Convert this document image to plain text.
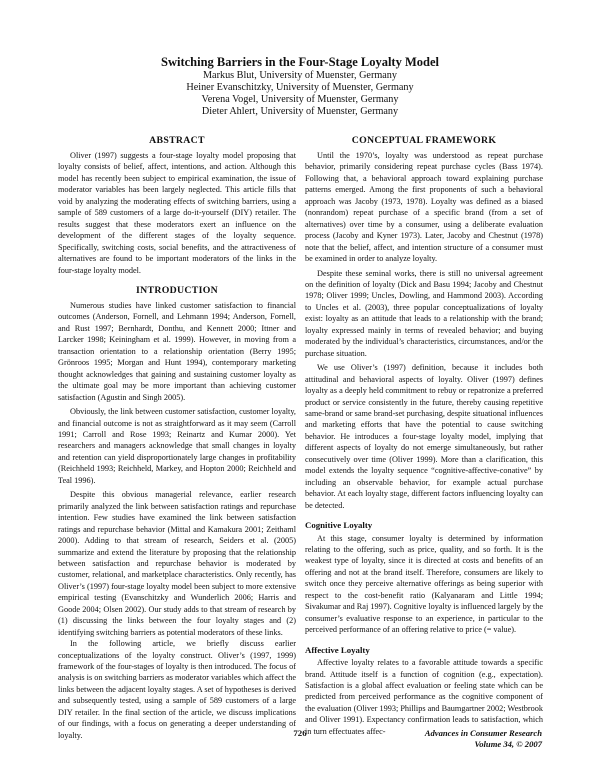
Switching Barriers in the Four-Stage Loyalty Model
Markus Blut, University of Muenster, Germany
Heiner Evanschitzky, University of Muenster, Germany
Verena Vogel, University of Muenster, Germany
Dieter Ahlert, University of Muenster, Germany
ABSTRACT

Oliver (1997) suggests a four-stage loyalty model proposing that loyalty consists of belief, affect, intentions, and action. Although this model has recently been subject to empirical examination, the issue of moderator variables has been largely neglected. This article fills that void by analyzing the moderating effects of switching barriers, using a sample of 589 customers of a large do-it-yourself (DIY) retailer. The results suggest that these moderators exert an influence on the development of the different stages of the loyalty sequence. Specifically, switching costs, social benefits, and the attractiveness of alternatives are found to be important moderators of the links in the four-stage loyalty model.

INTRODUCTION

Numerous studies have linked customer satisfaction to financial outcomes (Anderson, Fornell, and Lehmann 1994; Anderson, Fornell, and Rust 1997; Bernhardt, Donthu, and Kennett 2000; Ittner and Larcker 1998; Keiningham et al. 1999). However, in moving from a transaction orientation to a relationship orientation (Berry 1995; Grönroos 1995; Morgan and Hunt 1994), contemporary marketing thought acknowledges that gaining and sustaining customer loyalty as the ultimate goal may be more important than achieving customer satisfaction (Agustin and Singh 2005).

Obviously, the link between customer satisfaction, customer loyalty, and financial outcome is not as straightforward as it may seem (Carroll 1991; Carroll and Rose 1993; Reinartz and Kumar 2000). Yet researchers and managers acknowledge that small changes in loyalty and retention can yield disproportionately large changes in profitability (Reichheld 1993; Reichheld, Markey, and Hopton 2000; Reichheld and Teal 1996).

Despite this obvious managerial relevance, earlier research primarily analyzed the link between satisfaction ratings and repurchase intention. Few studies have examined the link between satisfaction ratings and repurchase behavior (Mittal and Kamakura 2001; Zeithaml 2000). Adding to that stream of research, Seiders et al. (2005) summarize and extend the literature by proposing that the relationship between satisfaction and repurchase behavior is moderated by customer, relational, and marketplace characteristics. Only recently, has Oliver’s (1997) four-stage loyalty model been subject to more extensive empirical testing (Evanschitzky and Wunderlich 2006; Harris and Goode 2004; Olsen 2002). Our study adds to that stream of research by (1) discussing the links between the four loyalty stages and (2) identifying switching barriers as potential moderators of these links.

In the following article, we briefly discuss earlier conceptualizations of the loyalty construct. Oliver’s (1997, 1999) framework of the four-stages of loyalty is then introduced. The focus of analysis is on switching barriers as moderator variables which affect the links between the adjacent loyalty stages. A set of hypotheses is derived and subsequently tested, using a sample of 589 customers of a large DIY retailer. In the final section of the article, we discuss implications of our findings, with a focus on generating a deeper understanding of loyalty.

CONCEPTUAL FRAMEWORK

Until the 1970’s, loyalty was understood as repeat purchase behavior, primarily considering repeat purchase cycles (Bass 1974). Following that, a behavioral approach toward explaining purchase patterns emerged. Among the first proponents of such a behavioral approach was Jacoby (1973, 1978). Loyalty was defined as a biased (nonrandom) repeat purchase of a specific brand (from a set of alternatives) over time by a consumer, using a deliberate evaluation process (Jacoby and Kyner 1973). Later, Jacoby and Chestnut (1978) note that the belief, affect, and intention structure of a consumer must be examined in order to analyze loyalty.

Despite these seminal works, there is still no universal agreement on the definition of loyalty (Dick and Basu 1994; Jacoby and Chestnut 1978; Oliver 1999; Uncles, Dowling, and Hammond 2003). According to Uncles et al. (2003), three popular conceptualizations of loyalty exist: loyalty as an attitude that leads to a relationship with the brand; loyalty expressed mainly in terms of revealed behavior; and buying moderated by the individual’s characteristics, circumstances, and/or the purchase situation.

We use Oliver’s (1997) definition, because it includes both attitudinal and behavioral aspects of loyalty. Oliver (1997) defines loyalty as a deeply held commitment to rebuy or repatronize a preferred product or service consistently in the future, thereby causing repetitive same-brand or same brand-set purchasing, despite situational influences and marketing efforts that have the potential to cause switching behavior. He introduces a four-stage loyalty model, implying that different aspects of loyalty do not emerge simultaneously, but rather consecutively over time (Oliver 1999). More than a clarification, this model extends the loyalty sequence “cognitive-affective-conative” by including an observable behavior, for example actual purchase behavior. At each loyalty stage, different factors influencing loyalty can be detected.

Cognitive Loyalty

At this stage, consumer loyalty is determined by information relating to the offering, such as price, quality, and so forth. It is the weakest type of loyalty, since it is directed at costs and benefits of an offering and not at the brand itself. Therefore, consumers are likely to switch once they perceive alternative offerings as being superior with respect to the cost-benefit ratio (Kalyanaram and Little 1994; Sivakumar and Raj 1997). Cognitive loyalty is influenced largely by the consumer’s evaluative response to an experience, in particular to the perceived performance of an offering relative to price (= value).

Affective Loyalty

Affective loyalty relates to a favorable attitude towards a specific brand. Attitude itself is a function of cognition (e.g., expectation). Satisfaction is a global affect evaluation or feeling state which can be predicted from perceived performance as the cognitive component of the evaluation (Oliver 1993; Phillips and Baumgartner 2002; Westbrook and Oliver 1991). Expectancy confirmation leads to satisfaction, which in turn effectuates affec-

726	Advances in Consumer Research
Volume 34, © 2007
